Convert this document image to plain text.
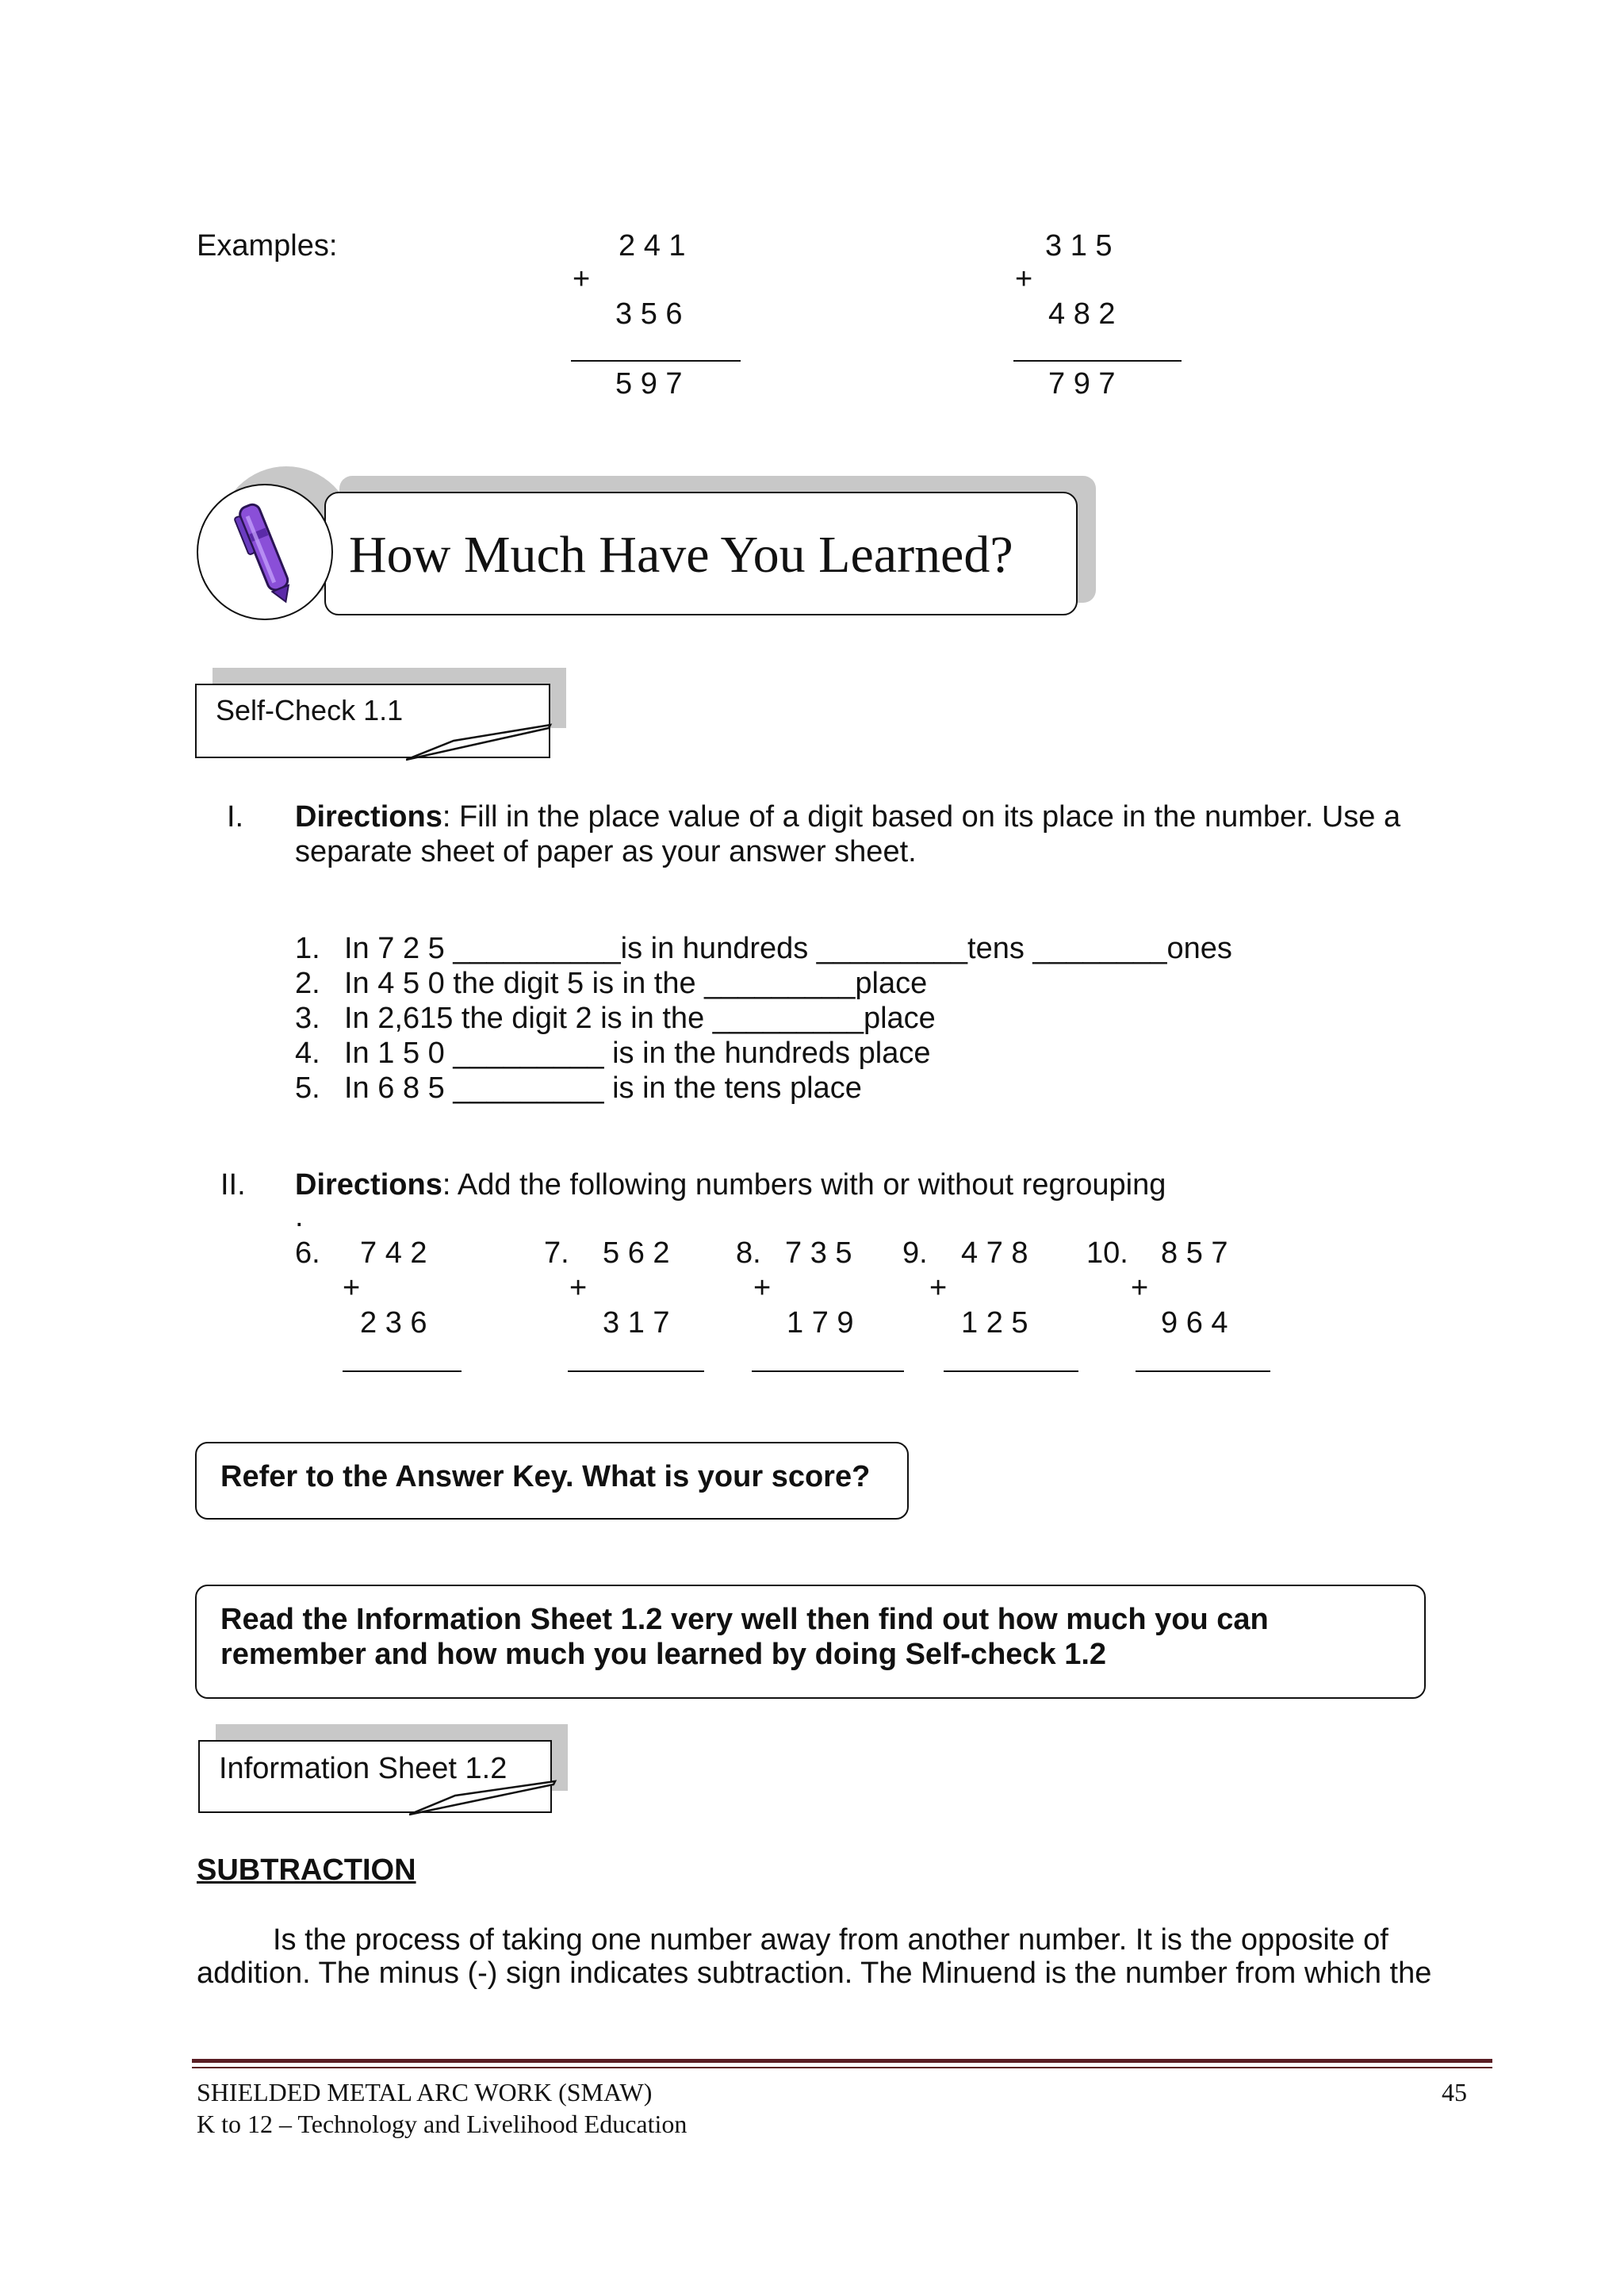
Examples:	2 4 1
+
3 5 6
5 9 7
3 1 5
+
4 8 2
7 9 7
How Much Have You Learned?
Self-Check 1.1
I. Directions: Fill in the place value of a digit based on its place in the number. Use a
separate sheet of paper as your answer sheet.
1. In 7 2 5 __________is in hundreds _________tens ________ones
2. In 4 5 0 the digit 5 is in the _________place
3. In 2,615 the digit 2 is in the _________place
4. In 1 5 0 _________ is in the hundreds place
5. In 6 8 5 _________ is in the tens place
II. Directions: Add the following numbers with or without regrouping
.
6. 7 4 2
+
2 3 6
7. 5 6 2
+
3 1 7
8. 7 3 5
+
1 7 9
9. 4 7 8
+
1 2 5
10. 8 5 7
+
9 6 4
Refer to the Answer Key. What is your score?
Read the Information Sheet 1.2 very well then find out how much you can
remember and how much you learned by doing Self-check 1.2
Information Sheet 1.2
SUBTRACTION
Is the process of taking one number away from another number. It is the opposite of
addition. The minus (-) sign indicates subtraction. The Minuend is the number from which the
SHIELDED METAL ARC WORK (SMAW)
K to 12 – Technology and Livelihood Education
45
